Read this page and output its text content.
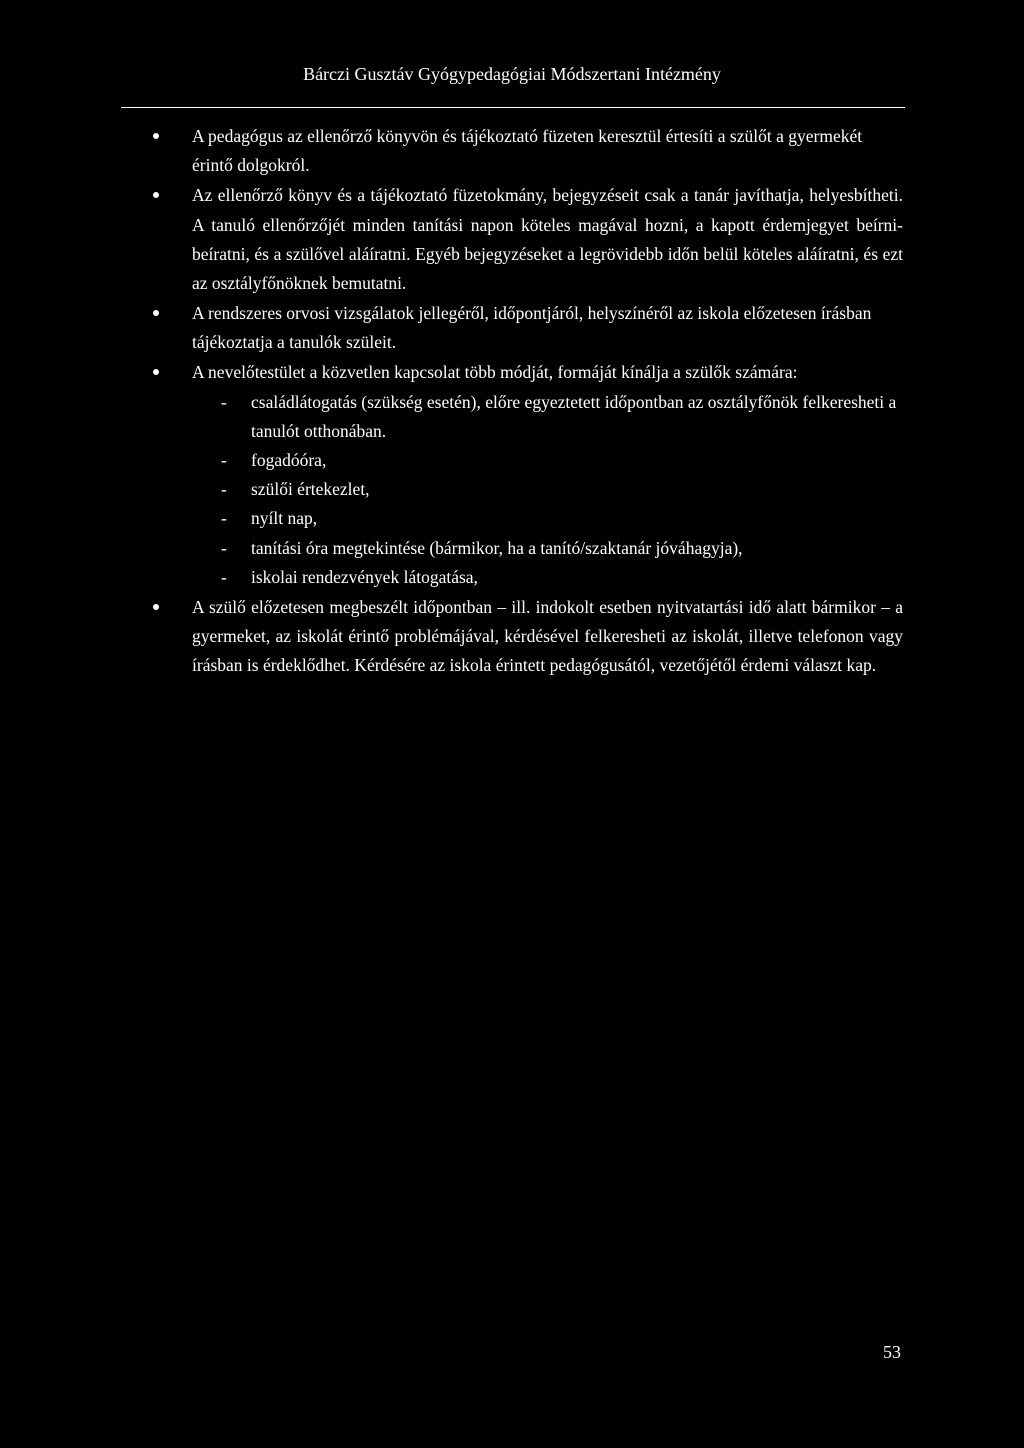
Bárczi Gusztáv Gyógypedagógiai Módszertani Intézmény
A pedagógus az ellenőrző könyvön és tájékoztató füzeten keresztül értesíti a szülőt a gyermekét érintő dolgokról.
Az ellenőrző könyv és a tájékoztató füzetokmány, bejegyzéseit csak a tanár javíthatja, helyesbítheti. A tanuló ellenőrzőjét minden tanítási napon köteles magával hozni, a kapott érdemjegyet beírni-beíratni, és a szülővel aláíratni. Egyéb bejegyzéseket a legrövidebb időn belül köteles aláíratni, és ezt az osztályfőnöknek bemutatni.
A rendszeres orvosi vizsgálatok jellegéről, időpontjáról, helyszínéről az iskola előzetesen írásban tájékoztatja a tanulók szüleit.
A nevelőtestület a közvetlen kapcsolat több módját, formáját kínálja a szülők számára:
- családlátogatás (szükség esetén), előre egyeztetett időpontban az osztályfőnök felkeresheti a tanulót otthonában.
- fogadóóra,
- szülői értekezlet,
- nyílt nap,
- tanítási óra megtekintése (bármikor, ha a tanító/szaktanár jóváhagyja),
- iskolai rendezvények látogatása,
A szülő előzetesen megbeszélt időpontban – ill. indokolt esetben nyitvatartási idő alatt bármikor – a gyermeket, az iskolát érintő problémájával, kérdésével felkeresheti az iskolát, illetve telefonon vagy írásban is érdeklődhet. Kérdésére az iskola érintett pedagógusától, vezetőjétől érdemi választ kap.
53
